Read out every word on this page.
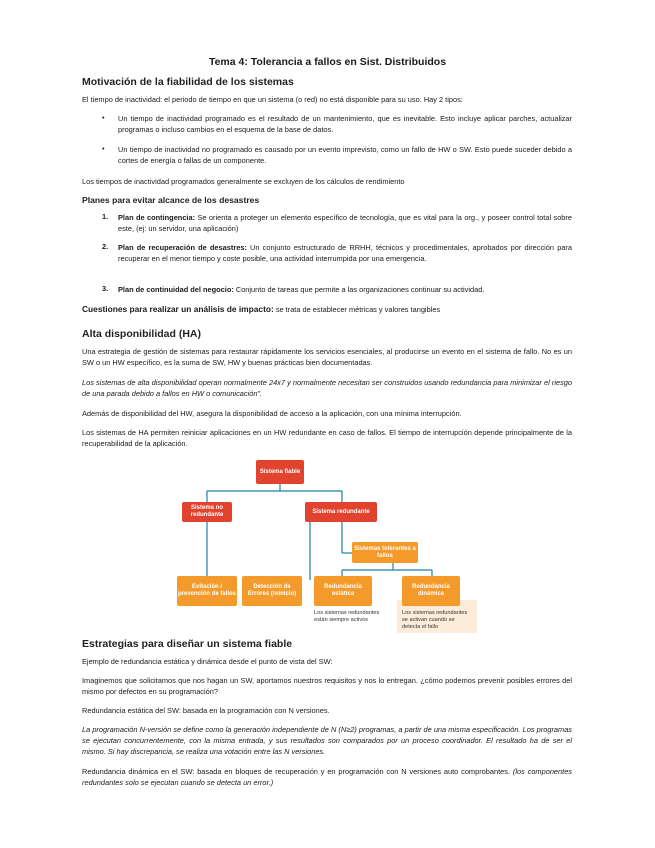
Tema 4: Tolerancia a fallos en Sist. Distribuidos
Motivación de la fiabilidad de los sistemas

El tiempo de inactividad: el periodo de tiempo en que un sistema (o red) no está disponible para su uso. Hay 2 tipos:

• Un tiempo de inactividad programado es el resultado de un mantenimiento, que es inevitable. Esto incluye aplicar parches, actualizar programas o incluso cambios en el esquema de la base de datos.

• Un tiempo de inactividad no programado es causado por un evento imprevisto, como un fallo de HW o SW. Esto puede suceder debido a cortes de energía o fallas de un componente.

Los tiempos de inactividad programados generalmente se excluyen de los cálculos de rendimiento

Planes para evitar alcance de los desastres
1. Plan de contingencia: Se orienta a proteger un elemento específico de tecnología, que es vital para la org., y poseer control total sobre este, (ej: un servidor, una aplicación)

2. Plan de recuperación de desastres: Un conjunto estructurado de RRHH, técnicos y procedimentales, aprobados por dirección para recuperar en el menor tiempo y coste posible, una actividad interrumpida por una emergencia.

3. Plan de continuidad del negocio: Conjunto de tareas que permite a las organizaciones continuar su actividad.

Cuestiones para realizar un análisis de impacto: se trata de establecer métricas y valores tangibles

Alta disponibilidad (HA)

Una estrategia de gestión de sistemas para restaurar rápidamente los servicios esenciales, al producirse un evento en el sistema de fallo. No es un SW o un HW específico, es la suma de SW, HW y buenas prácticas bien documentadas.

Los sistemas de alta disponibilidad operan normalmente 24x7 y normalmente necesitan ser construidos usando redundancia para minimizar el riesgo de una parada debido a fallos en HW o comunicación".

Además de disponibilidad del HW, asegura la disponibilidad de acceso a la aplicación, con una mínima interrupción.

Los sistemas de HA permiten reiniciar aplicaciones en un HW redundante en caso de fallos. El tiempo de interrupción depende principalmente de la recuperabilidad de la aplicación.

Sistema fiable
Sistema no redundante
Sistema redundante
Sistemas tolerantes a fallos
Evitación / prevención de fallos
Detección de Errores (reinicio)
Redundancia estática
Redundancia dinámica
Los sistemas redundantes están siempre activos
Los sistemas redundantes se activan cuando se detecta el fallo
Estrategias para diseñar un sistema fiable

Ejemplo de redundancia estática y dinámica desde el punto de vista del SW:

Imaginemos que solicitamos que nos hagan un SW, aportamos nuestros requisitos y nos lo entregan. ¿cómo podemos prevenir posibles errores del mismo por defectos en su programación?

Redundancia estática del SW: basada en la programación con N versiones.

La programación N-versión se define como la generación independiente de N (N≥2) programas, a partir de una misma especificación. Los programas se ejecutan concurrentemente, con la misma entrada, y sus resultados son comparados por un proceso coordinador. El resultado ha de ser el mismo. Si hay discrepancia, se realiza una votación entre las N versiones.

Redundancia dinámica en el SW: basada en bloques de recuperación y en programación con N versiones auto comprobantes. (los componentes redundantes solo se ejecutan cuando se detecta un error.)
